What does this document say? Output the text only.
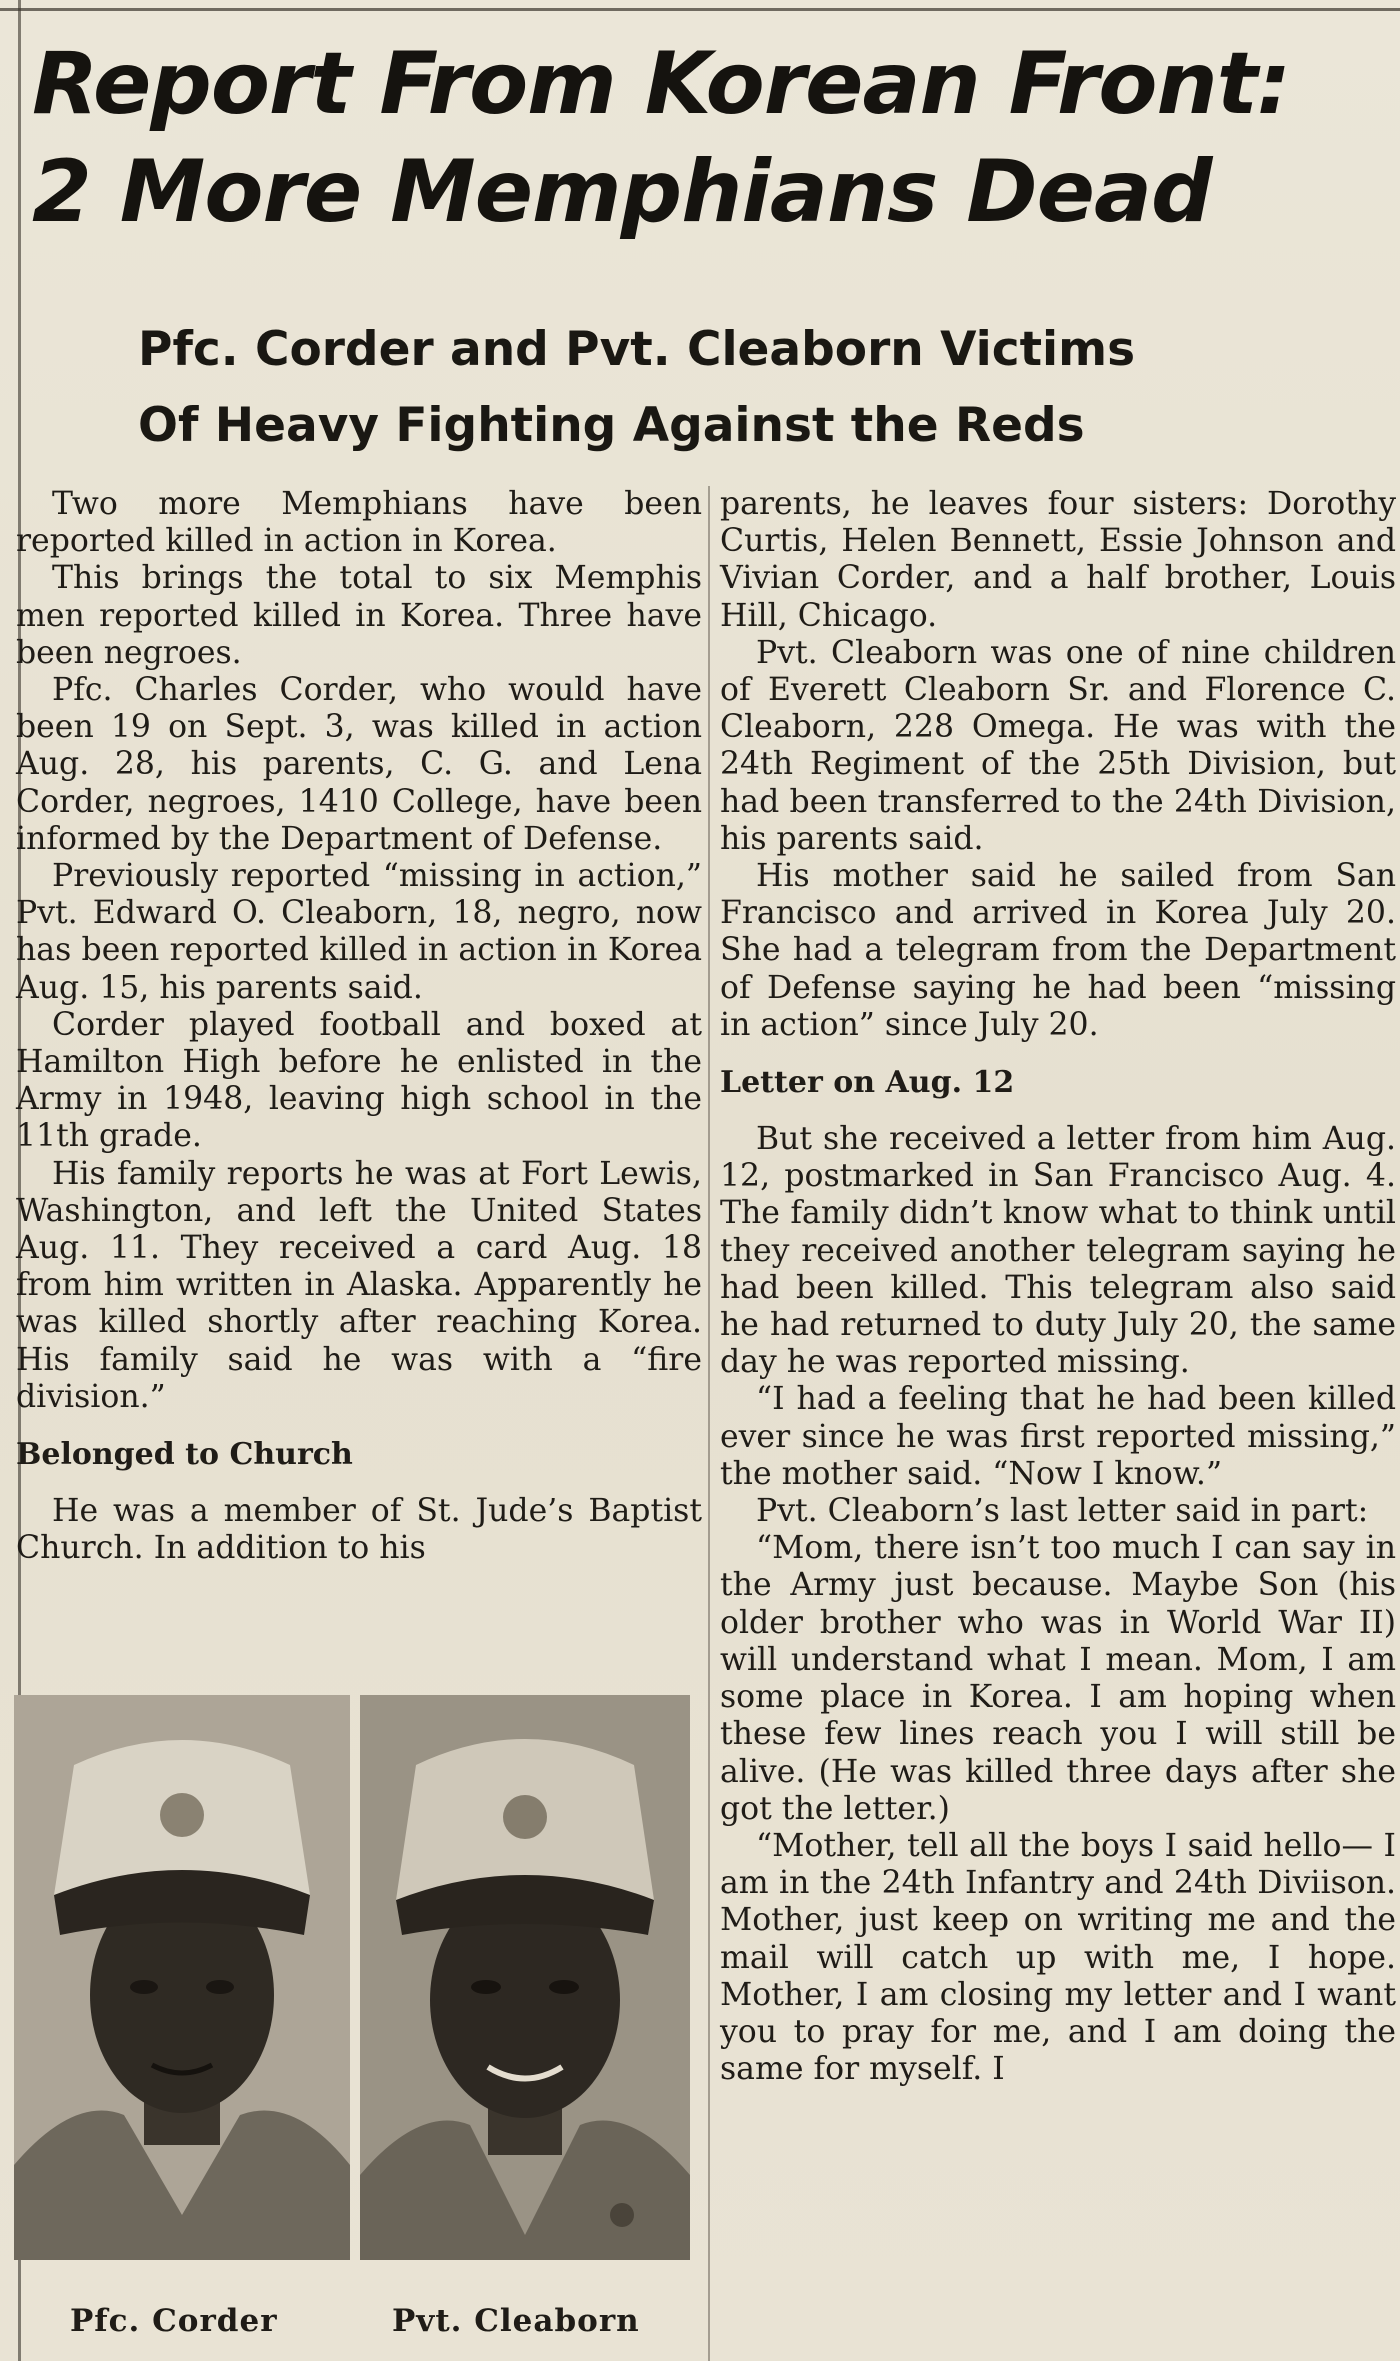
Report From Korean Front:
2 More Memphians Dead
Pfc. Corder and Pvt. Cleaborn Victims
Of Heavy Fighting Against the Reds

Two more Memphians have been reported killed in action in Korea.

This brings the total to six Memphis men reported killed in Korea. Three have been negroes.

Pfc. Charles Corder, who would have been 19 on Sept. 3, was killed in action Aug. 28, his parents, C. G. and Lena Corder, negroes, 1410 College, have been informed by the Department of Defense.

Previously reported “missing in action,” Pvt. Edward O. Cleaborn, 18, negro, now has been reported killed in action in Korea Aug. 15, his parents said.

Corder played football and boxed at Hamilton High before he enlisted in the Army in 1948, leaving high school in the 11th grade.

His family reports he was at Fort Lewis, Washington, and left the United States Aug. 11. They received a card Aug. 18 from him written in Alaska. Apparently he was killed shortly after reaching Korea. His family said he was with a “fire division.”

Belonged to Church

He was a member of St. Jude’s Baptist Church. In addition to his

parents, he leaves four sisters: Dorothy Curtis, Helen Bennett, Essie Johnson and Vivian Corder, and a half brother, Louis Hill, Chicago.

Pvt. Cleaborn was one of nine children of Everett Cleaborn Sr. and Florence C. Cleaborn, 228 Omega. He was with the 24th Regiment of the 25th Division, but had been transferred to the 24th Division, his parents said.

His mother said he sailed from San Francisco and arrived in Korea July 20. She had a telegram from the Department of Defense saying he had been “missing in action” since July 20.

Letter on Aug. 12

But she received a letter from him Aug. 12, postmarked in San Francisco Aug. 4. The family didn’t know what to think until they received another telegram saying he had been killed. This telegram also said he had returned to duty July 20, the same day he was reported missing.

“I had a feeling that he had been killed ever since he was first reported missing,” the mother said. “Now I know.”

Pvt. Cleaborn’s last letter said in part:

“Mom, there isn’t too much I can say in the Army just because. Maybe Son (his older brother who was in World War II) will understand what I mean. Mom, I am some place in Korea. I am hoping when these few lines reach you I will still be alive. (He was killed three days after she got the letter.)

“Mother, tell all the boys I said hello— I am in the 24th Infantry and 24th Diviison. Mother, just keep on writing me and the mail will catch up with me, I hope. Mother, I am closing my letter and I want you to pray for me, and I am doing the same for myself. I

Pfc. Corder	Pvt. Cleaborn
